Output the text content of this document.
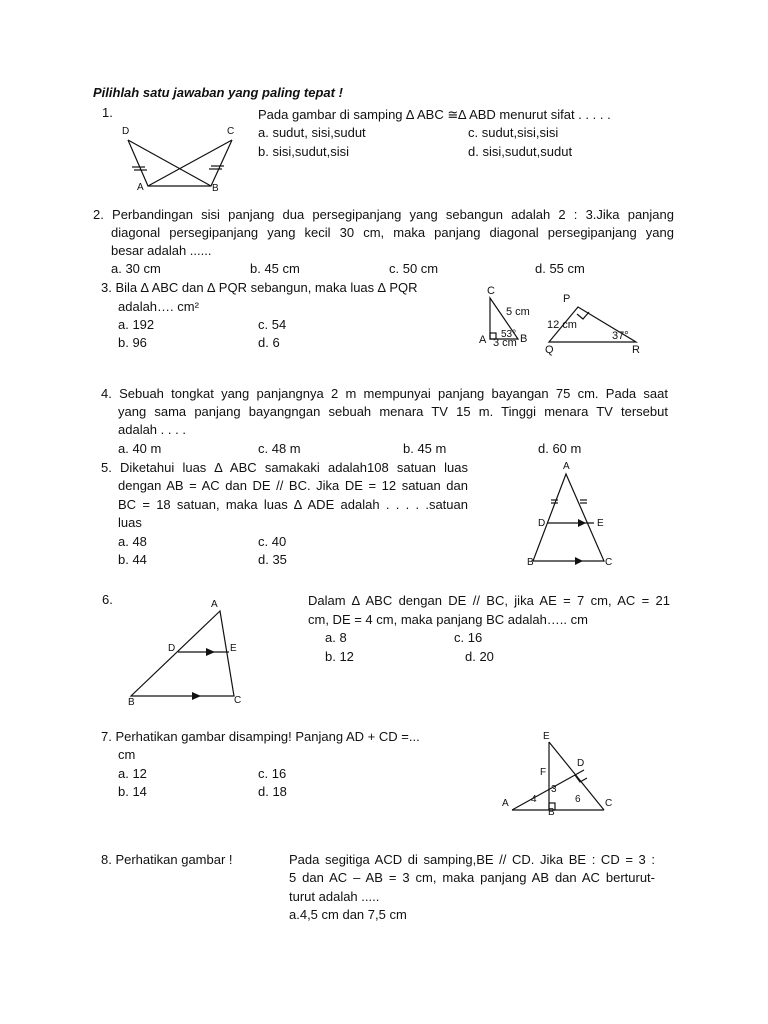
Pilihlah satu jawaban yang paling tepat !
1.	Pada gambar di samping ∆ ABC ≅∆ ABD menurut sifat . . . . .
a. sudut, sisi,sudut
b. sisi,sudut,sisi
c. sudut,sisi,sisi
d. sisi,sudut,sudut
D	C
A	B
2. Perbandingan sisi panjang dua persegipanjang yang sebangun adalah 2 : 3.Jika panjang
diagonal persegipanjang yang kecil 30 cm, maka panjang diagonal persegipanjang yang
besar adalah ......
a. 30 cm	b. 45 cm	c. 50 cm	d. 55 cm
3. Bila ∆ ABC dan ∆ PQR sebangun, maka luas ∆ PQR
adalah…. cm²
a. 192
b. 96
c. 54
d. 6
C
A	B
5 cm
3 cm
53°
P
Q	R
12 cm
37°
4. Sebuah tongkat yang panjangnya 2 m mempunyai panjang bayangan 75 cm. Pada saat
yang sama panjang bayangngan sebuah menara TV 15 m. Tinggi menara TV tersebut
adalah . . . .
a. 40 m	b. 45 m
c. 48 m	d. 60 m
5. Diketahui luas ∆ ABC samakaki adalah108 satuan luas
dengan AB = AC dan DE // BC. Jika DE = 12 satuan dan
BC = 18 satuan, maka luas ∆ ADE adalah . . . . .satuan
luas
a. 48
b. 44
c. 40
d. 35
A
D	E
B	C
6.	Dalam ∆ ABC dengan DE // BC, jika AE = 7 cm, AC = 21
cm, DE = 4 cm, maka panjang BC adalah….. cm
a. 8
b. 12
c. 16
d. 20
A
D	E
B	C
7. Perhatikan gambar disamping! Panjang AD + CD =...
cm
a. 12
b. 14
c. 16
d. 18
E
D
F
A
B
C
3
4	6
8. Perhatikan gambar !	Pada segitiga ACD di samping,BE // CD. Jika BE : CD = 3 :
5 dan AC – AB = 3 cm, maka panjang AB dan AC berturut-
turut adalah .....
a.4,5 cm dan 7,5 cm
